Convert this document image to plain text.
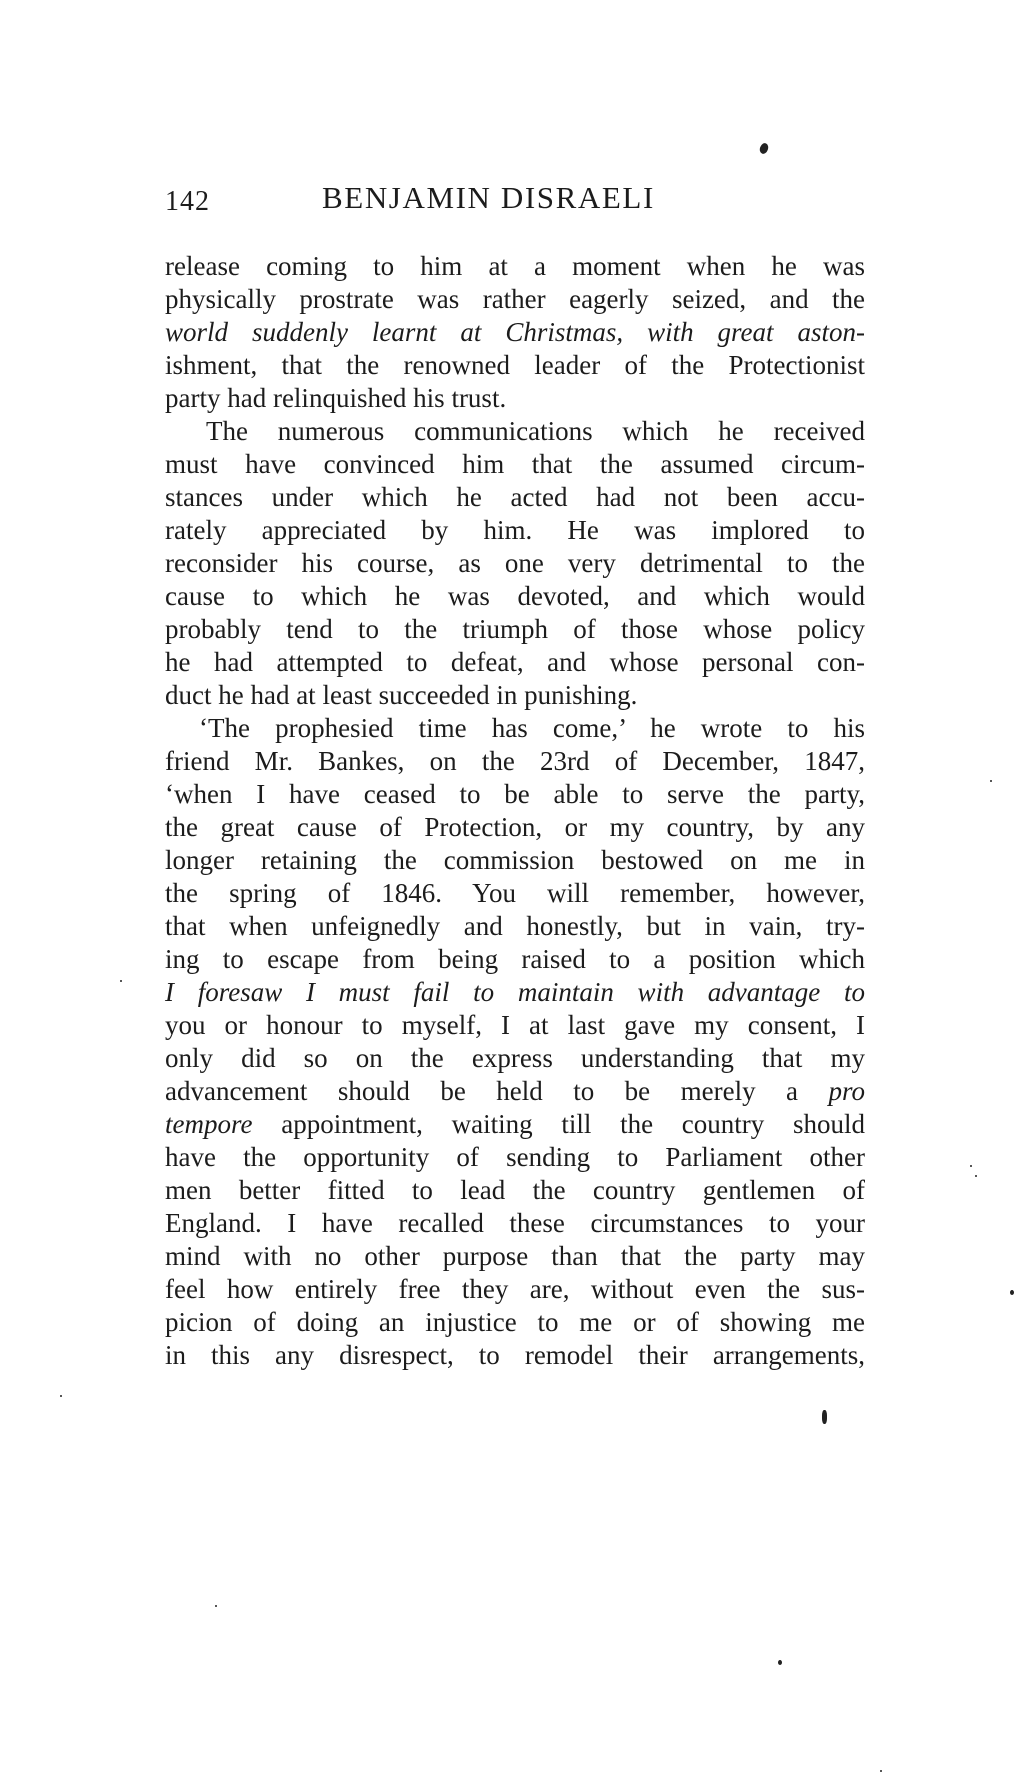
142	BENJAMIN DISRAELI
release coming to him at a moment when he was
physically prostrate was rather eagerly seized, and the
world suddenly learnt at Christmas, with great aston-
ishment, that the renowned leader of the Protectionist
party had relinquished his trust.
The numerous communications which he received
must have convinced him that the assumed circum-
stances under which he acted had not been accu-
rately appreciated by him. He was implored to
reconsider his course, as one very detrimental to the
cause to which he was devoted, and which would
probably tend to the triumph of those whose policy
he had attempted to defeat, and whose personal con-
duct he had at least succeeded in punishing.
‘The prophesied time has come,’ he wrote to his
friend Mr. Bankes, on the 23rd of December, 1847,
‘when I have ceased to be able to serve the party,
the great cause of Protection, or my country, by any
longer retaining the commission bestowed on me in
the spring of 1846. You will remember, however,
that when unfeignedly and honestly, but in vain, try-
ing to escape from being raised to a position which
I foresaw I must fail to maintain with advantage to
you or honour to myself, I at last gave my consent, I
only did so on the express understanding that my
advancement should be held to be merely a pro
tempore appointment, waiting till the country should
have the opportunity of sending to Parliament other
men better fitted to lead the country gentlemen of
England. I have recalled these circumstances to your
mind with no other purpose than that the party may
feel how entirely free they are, without even the sus-
picion of doing an injustice to me or of showing me
in this any disrespect, to remodel their arrangements,
